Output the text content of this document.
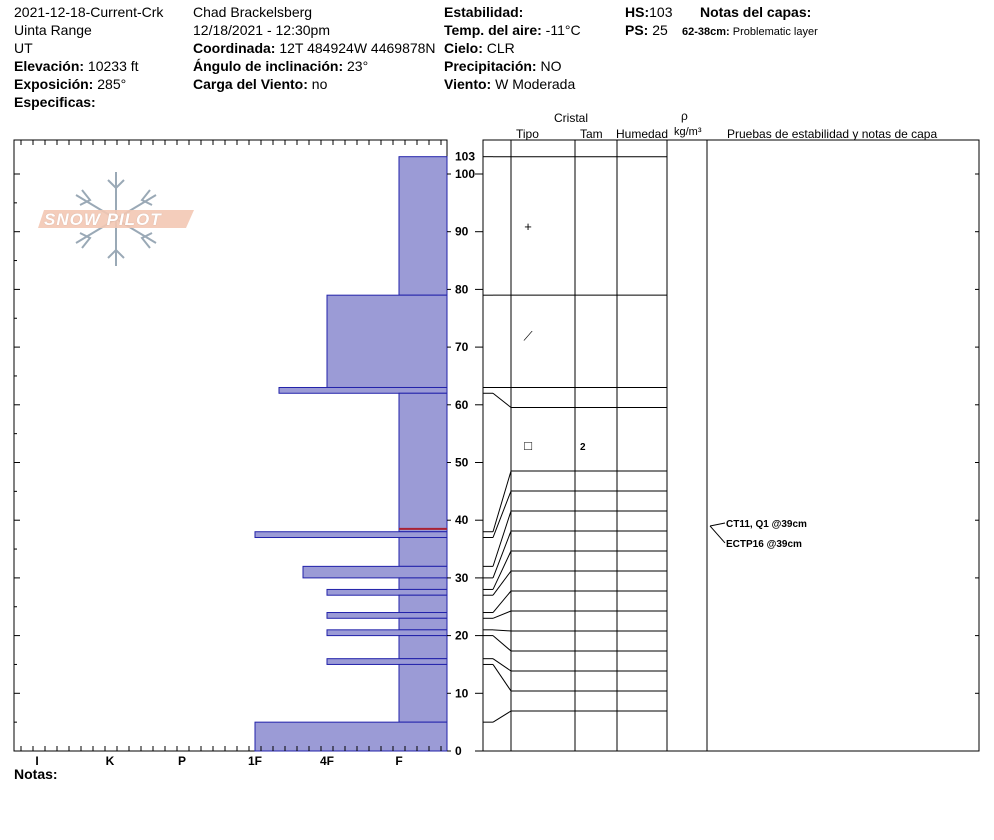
2021-12-18-Current-Crk
Uinta Range
UT
Elevación: 10233 ft
Exposición: 285°
Especificas:
Chad Brackelsberg
12/18/2021 - 12:30pm
Coordinada: 12T 484924W 4469878N
Ángulo de inclinación: 23°
Carga del Viento: no
Estabilidad:
Temp. del aire: -11°C
Cielo: CLR
Precipitación: NO
Viento: W Moderada
HS:103
PS: 25
Notas del capas:
62-38cm: Problematic layer
Cristal
Tipo	Tam Humedad
ρ
kg/m³ Pruebas de estabilidad y notas de capa
SNOW PILOT
I	K	P	1F	4F	F
0
10
20
30
40
50
60
70
80
90
100
103
+
⟋
□	2
CT11, Q1 @39cm
ECTP16 @39cm
Notas:
